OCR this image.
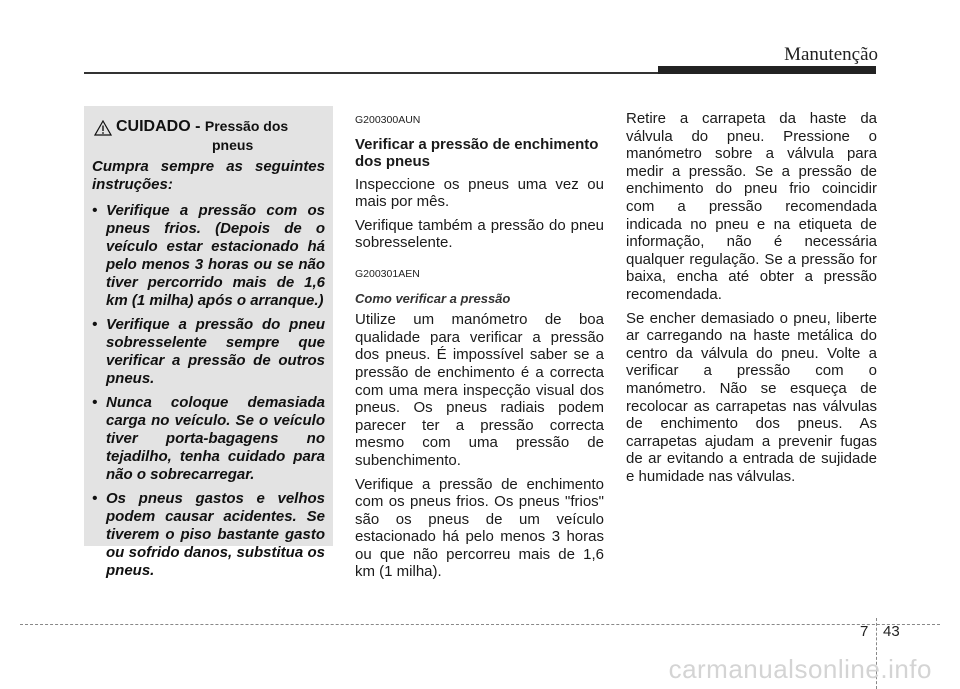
Manutenção
CUIDADO - Pressão dos
pneus

Cumpra sempre as seguintes instruções:

• Verifique a pressão com os pneus frios. (Depois de o veículo estar estacionado há pelo menos 3 horas ou se não tiver percorrido mais de 1,6 km (1 milha) após o arranque.)
• Verifique a pressão do pneu sobresselente sempre que verificar a pressão de outros pneus.
• Nunca coloque demasiada carga no veículo. Se o veículo tiver porta-bagagens no tejadilho, tenha cuidado para não o sobrecarregar.
• Os pneus gastos e velhos podem causar acidentes. Se tiverem o piso bastante gasto ou sofrido danos, substitua os pneus.
G200300AUN
Verificar a pressão de enchimento dos pneus

Inspeccione os pneus uma vez ou mais por mês.

Verifique também a pressão do pneu sobresselente.

G200301AEN
Como verificar a pressão

Utilize um manómetro de boa qualidade para verificar a pressão dos pneus. É impossível saber se a pressão de enchimento é a correcta com uma mera inspecção visual dos pneus. Os pneus radiais podem parecer ter a pressão correcta mesmo com uma pressão de subenchimento.

Verifique a pressão de enchimento com os pneus frios. Os pneus "frios" são os pneus de um veículo estacionado há pelo menos 3 horas ou que não percorreu mais de 1,6 km (1 milha).

Retire a carrapeta da haste da válvula do pneu. Pressione o manómetro sobre a válvula para medir a pressão. Se a pressão de enchimento do pneu frio coincidir com a pressão recomendada indicada no pneu e na etiqueta de informação, não é necessária qualquer regulação. Se a pressão for baixa, encha até obter a pressão recomendada.

Se encher demasiado o pneu, liberte ar carregando na haste metálica do centro da válvula do pneu. Volte a verificar a pressão com o manómetro. Não se esqueça de recolocar as carrapetas nas válvulas de enchimento dos pneus. As carrapetas ajudam a prevenir fugas de ar evitando a entrada de sujidade e humidade nas válvulas.

7 43
carmanualsonline.info
